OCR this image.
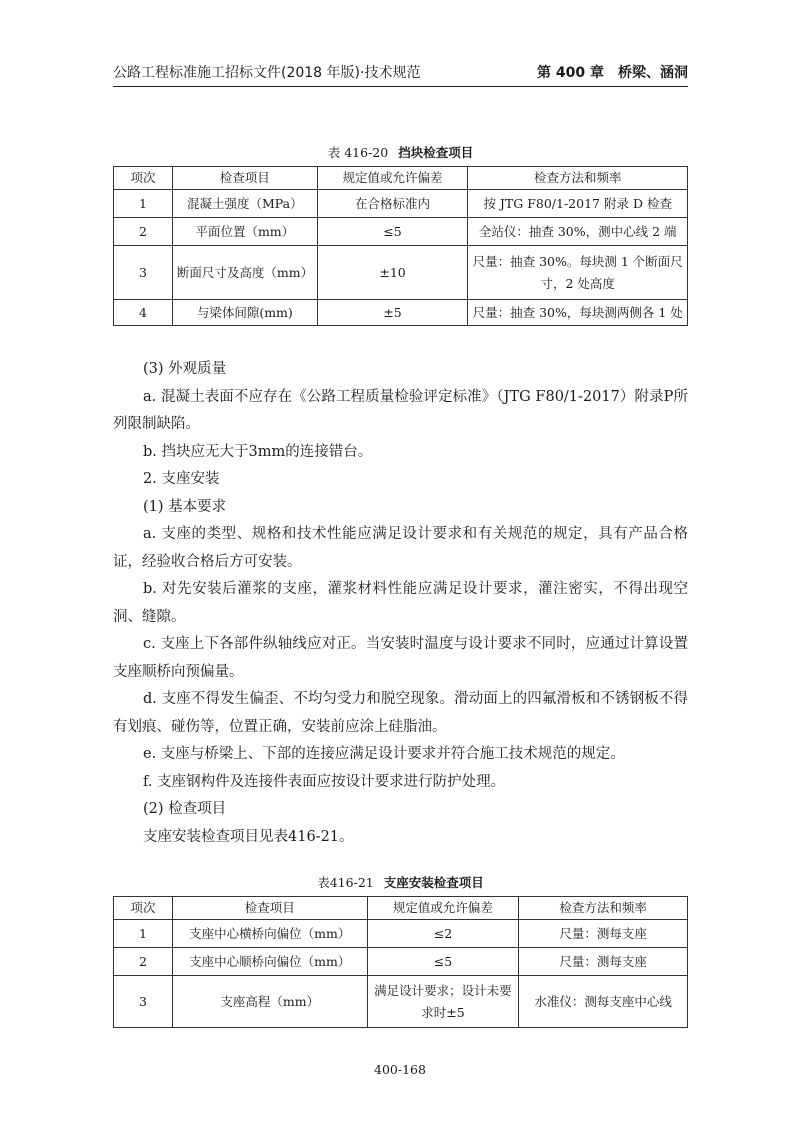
公路工程标准施工招标文件(2018 年版)·技术规范	第 400 章　桥梁、涵洞
表 416-20 挡块检查项目
项次	检查项目	规定值或允许偏差	检查方法和频率
1	混凝土强度（MPa）	在合格标准内	按 JTG F80/1-2017 附录 D 检查
2	平面位置（mm）	≤5	全站仪：抽查 30%，测中心线 2 端
3	断面尺寸及高度（mm）	±10	尺量：抽查 30%。每块测 1 个断面尺寸，2 处高度
4	与梁体间隙(mm)	±5	尺量：抽查 30%，每块测两侧各 1 处

(3) 外观质量

a. 混凝土表面不应存在《公路工程质量检验评定标准》（JTG F80/1-2017）附录P所列限制缺陷。

b. 挡块应无大于3mm的连接错台。

2. 支座安装

(1) 基本要求

a. 支座的类型、规格和技术性能应满足设计要求和有关规范的规定，具有产品合格证，经验收合格后方可安装。

b. 对先安装后灌浆的支座，灌浆材料性能应满足设计要求，灌注密实，不得出现空洞、缝隙。

c. 支座上下各部件纵轴线应对正。当安装时温度与设计要求不同时，应通过计算设置支座顺桥向预偏量。

d. 支座不得发生偏歪、不均匀受力和脱空现象。滑动面上的四氟滑板和不锈钢板不得有划痕、碰伤等，位置正确，安装前应涂上硅脂油。

e. 支座与桥梁上、下部的连接应满足设计要求并符合施工技术规范的规定。

f. 支座钢构件及连接件表面应按设计要求进行防护处理。

(2) 检查项目

支座安装检查项目见表416-21。

表416-21 支座安装检查项目
项次	检查项目	规定值或允许偏差	检查方法和频率
1	支座中心横桥向偏位（mm）	≤2	尺量：测每支座
2	支座中心顺桥向偏位（mm）	≤5	尺量：测每支座
3	支座高程（mm）	满足设计要求；设计未要求时±5	水准仪：测每支座中心线
400-168
